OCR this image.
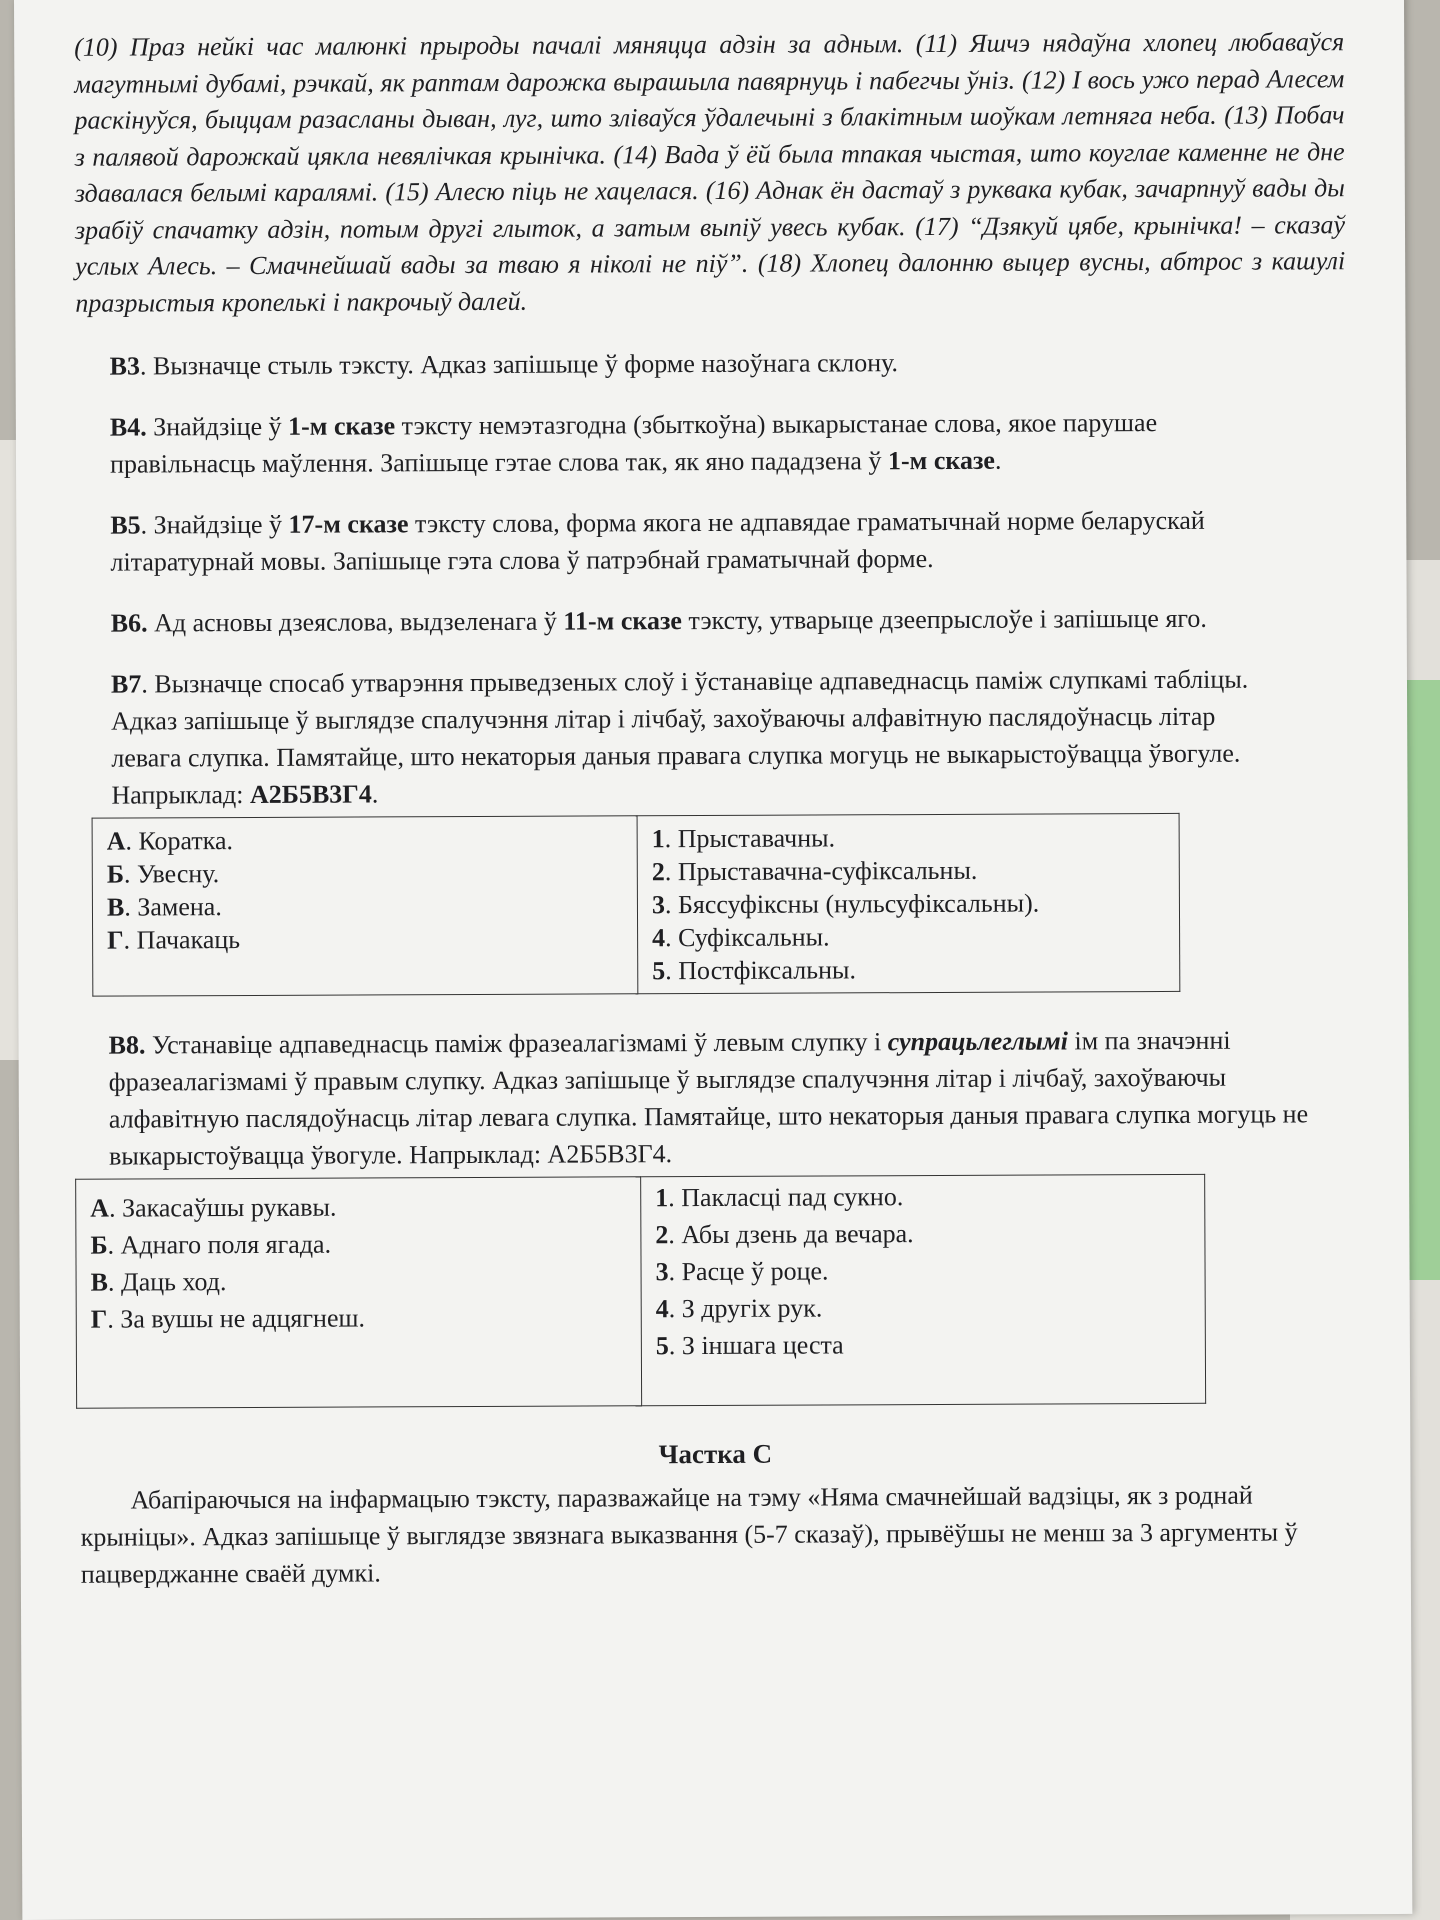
(10) Праз нейкі час малюнкі прыроды пачалі мяняцца адзін за адным. (11) Яшчэ нядаўна хлопец любаваўся магутнымі дубамі, рэчкай, як раптам дарожка вырашыла павярнуць і пабегчы ўніз. (12) І вось ужо перад Алесем раскінуўся, быццам разасланы дыван, луг, што зліваўся ўдалечыні з блакітным шоўкам летняга неба. (13) Побач з палявой дарожкай цякла невялічкая крынічка. (14) Вада ў ёй была тпакая чыстая, што коуглае каменне не дне здавалася белымі каралямі. (15) Алесю піць не хацелася. (16) Аднак ён дастаў з руквака кубак, зачарпнуў вады ды зрабіў спачатку адзін, потым другі глыток, а затым выпіў увесь кубак. (17) “Дзякуй цябе, крынічка! – сказаў услых Алесь. – Смачнейшай вады за тваю я ніколі не піў”. (18) Хлопец далонню выцер вусны, абтрос з кашулі празрыстыя кропелькі і пакрочыў далей.

В3. Вызначце стыль тэксту. Адказ запішыце ў форме назоўнага склону.
В4. Знайдзіце ў 1-м сказе тэксту немэтазгодна (збыткоўна) выкарыстанае слова, якое парушае правільнасць маўлення. Запішыце гэтае слова так, як яно пададзена ў 1-м сказе.
В5. Знайдзіце ў 17-м сказе тэксту слова, форма якога не адпавядае граматычнай норме беларускай літаратурнай мовы. Запішыце гэта слова ў патрэбнай граматычнай форме.
В6. Ад асновы дзеяслова, выдзеленага ў 11-м сказе тэксту, утварыце дзеепрыслоўе і запішыце яго.
В7. Вызначце спосаб утварэння прыведзеных слоў і ўстанавіце адпаведнасць паміж слупкамі табліцы. Адказ запішыце ў выглядзе спалучэння літар і лічбаў, захоўваючы алфавітную паслядоўнасць літар левага слупка. Памятайце, што некаторыя даныя правага слупка могуць не выкарыстоўвацца ўвогуле. Напрыклад: А2Б5В3Г4.
А. Коратка.
Б. Увесну.
В. Замена.
Г. Пачакаць

1. Прыставачны.
2. Прыставачна-суфіксальны.
3. Бяссуфіксны (нульсуфіксальны).
4. Суфіксальны.
5. Постфіксальны.
В8. Устанавіце адпаведнасць паміж фразеалагізмамі ў левым слупку і супрацьлеглымі ім па значэнні фразеалагізмамі ў правым слупку. Адказ запішыце ў выглядзе спалучэння літар і лічбаў, захоўваючы алфавітную паслядоўнасць літар левага слупка. Памятайце, што некаторыя даныя правага слупка могуць не выкарыстоўвацца ўвогуле. Напрыклад: А2Б5В3Г4.
А. Закасаўшы рукавы.
Б. Аднаго поля ягада.
В. Даць ход.
Г. За вушы не адцягнеш.

1. Пакласці пад сукно.
2. Абы дзень да вечара.
3. Расце ў роце.
4. З другіх рук.
5. З іншага цеста
Частка С

Абапіраючыся на інфармацыю тэксту, паразважайце на тэму «Няма смачнейшай вадзіцы, як з роднай крыніцы». Адказ запішыце ў выглядзе звязнага выказвання (5-7 сказаў), прывёўшы не менш за 3 аргументы ў пацверджанне сваёй думкі.
